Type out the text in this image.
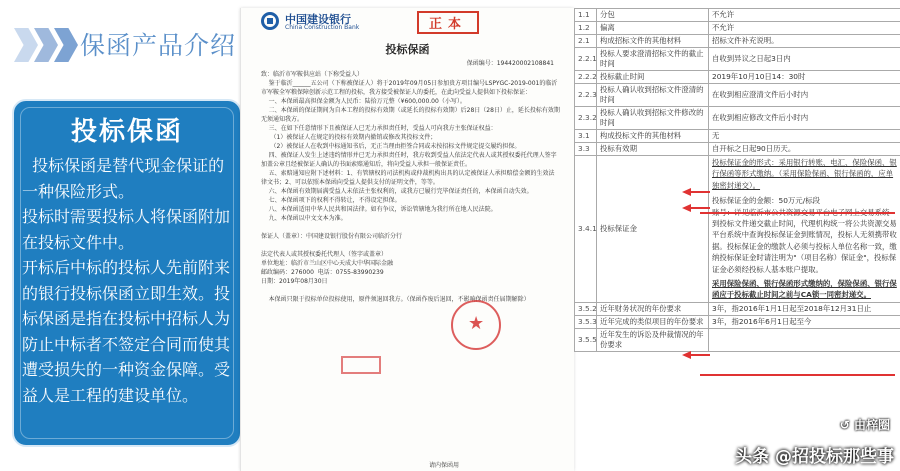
保函产品介绍
投标保函
投标保函是替代现金保证的一种保险形式。
投标时需要投标人将保函附加在投标文件中。
开标后中标的投标人先前附来的银行投标保函立即生效。投标保函是指在投标中招标人为防止中标者不签定合同而使其遭受损失的一种资金保障。受益人是工程的建设单位。
中国建设银行
China Construction Bank	正本
投标保函
保函编号：194420002108841
致：临沂市军鞍供应站（下称受益人）
鉴于临沂______五公司（下称被保证人）将于2019年09月05日参加贵方项目编号LSPYGC-2019-001的临沂市军鞍全军粮保障创新示范工程的投标，我方接受被保证人的委托，在此向受益人提供如下投标保证：
一、本保函最高担保金额为人民币：陆拾万元整（¥600,000.00（小写）。
二、本保函的保证期间为自本工程的投标有效期（或延长的投标有效期）后28日（28日）止，延长投标有效期无须通知我方。
三、在如下任意情形下且被保证人已无力承担责任时，受益人可向我方主张保证权益：
（1）被保证人在规定的投标有效期内撤销或修改其投标文件；
（2）被保证人在收到中标通知书后，无正当理由拒签合同或未按招标文件规定提交履约担保。
四、被保证人发生上述违约情形并已无力承担责任时，我方收到受益人依法定代表人或其授权委托代理人签字加盖公章且经被保证人确认的书面索赔通知后，将向受益人承担一般保证责任。
五、索赔通知应附下述材料：1、有管辖权的司法机构或仲裁机构出具的认定被保证人承担赔偿金额的生效法律文书；2、可以依照本保函向受益人提供支付的证明文件，等等。
六、本保函有效期届满受益人未依法主张权利的，或我方已履行完毕保证责任的，本保函自动失效。
七、本保函项下的权利不得转让，不得设定担保。
八、本保函适用中华人民共和国法律。如有争议，诉讼管辖地为我行所在地人民法院。
九、本保函以中文文本为准。

保证人（盖章）：中国建设银行股份有限公司临沂分行

法定代表人或其授权委托代理人（签字或盖章）
单位地址：临沂市兰山区中心天成大中华国际金融
邮政编码：276000  电话：0755-83990239
日期：2019年08月30日

本保函只限于投标单位投标使用，原件须退回我方。（保函作废后退回，不影响保函责任届期解除）
★
请内保函用
1.1	分包	不允许
1.2	偏离	不允许
2.1	构成招标文件的其他材料	招标文件补充说明。
2.2.1	投标人要求澄清招标文件的截止时间	自收到异议之日起3日内
2.2.2	投标截止时间	2019年10月10日14：30时
2.2.3	投标人确认收到招标文件澄清的时间	在收到相应澄清文件后小时内
2.3.2	投标人确认收到招标文件修改的时间	在收到相应修改文件后小时内
3.1	构成投标文件的其他材料	无
3.3	投标有效期	自开标之日起90日历天。
3.4.1	投标保证金	投标保证金的形式：采用银行转账、电汇、保险保函、银行保函等形式缴纳。（采用保险保函、银行保函的，应单独密封递交）。
投标保证金的金额：50万元/标段

到投标文件递交截止时间，代理机构统一将公共资源交易平台系统中查询投标保证金到账情况，投标人无须携带收据。投标保证金的缴款人必须与投标人单位名称一致，缴纳投标保证金时请注明为"（项目名称）保证金"，投标保证金必须经投标人基本账户提取。
采用保险保函、银行保函形式缴纳的，保险保函、银行保函应于投标截止时间之前与CA锁一同密封递交。

3.5.2	近年财务状况的年份要求	3年，指2016年1月1日起至2018年12月31日止
3.5.3	近年完成的类似项目的年份要求	3年，指2016年6月1日起至今
3.5.5	近年发生的诉讼及仲裁情况的年份要求	
↺ 由梓圈
头条 @招投标那些事
